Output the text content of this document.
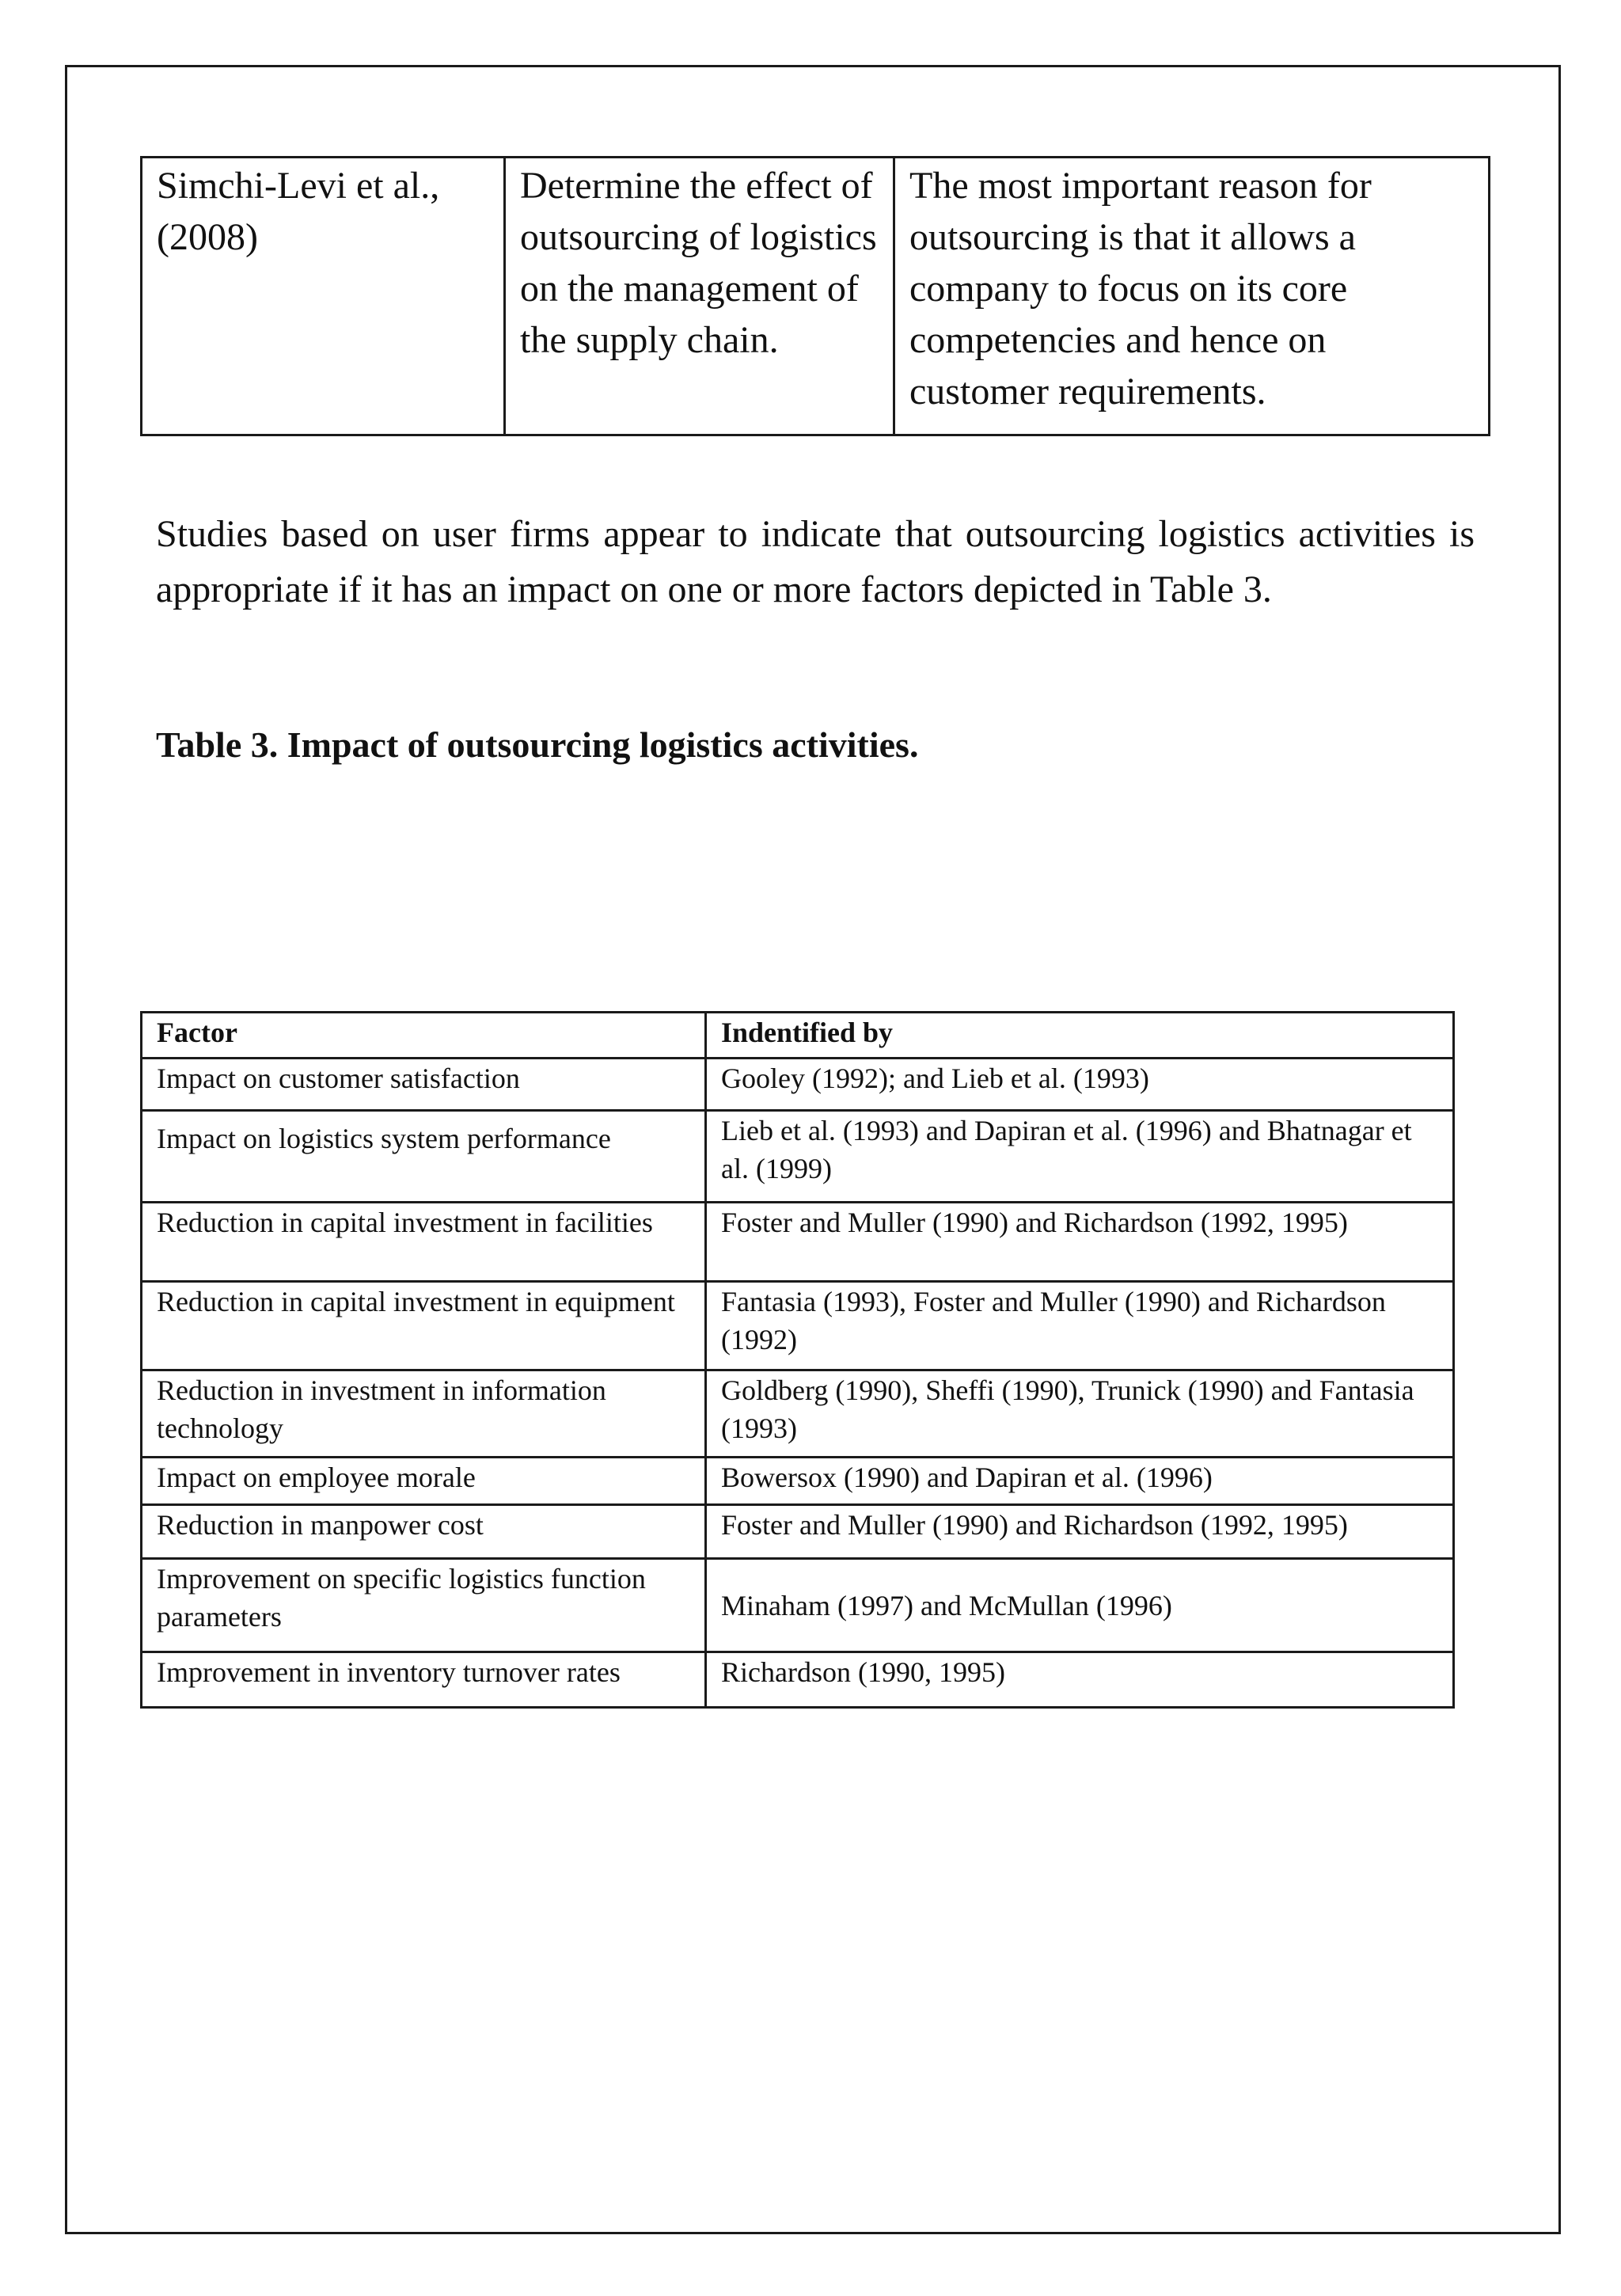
Simchi-Levi et al., (2008)	Determine the effect of outsourcing of logistics on the management of the supply chain.	The most important reason for outsourcing is that it allows a company to focus on its core competencies and hence on customer requirements.

Studies based on user firms appear to indicate that outsourcing logistics activities is appropriate if it has an impact on one or more factors depicted in Table 3.

Table 3. Impact of outsourcing logistics activities.
Factor	Indentified by
Impact on customer satisfaction	Gooley (1992); and Lieb et al. (1993)
Impact on logistics system performance	Lieb et al. (1993) and Dapiran et al. (1996) and Bhatnagar et al. (1999)
Reduction in capital investment in facilities	Foster and Muller (1990) and Richardson (1992, 1995)
Reduction in capital investment in equipment	Fantasia (1993), Foster and Muller (1990) and Richardson (1992)
Reduction in investment in information technology	Goldberg (1990), Sheffi (1990), Trunick (1990) and Fantasia (1993)
Impact on employee morale	Bowersox (1990) and Dapiran et al. (1996)
Reduction in manpower cost	Foster and Muller (1990) and Richardson (1992, 1995)
Improvement on specific logistics function parameters	Minaham (1997) and McMullan (1996)
Improvement in inventory turnover rates	Richardson (1990, 1995)
